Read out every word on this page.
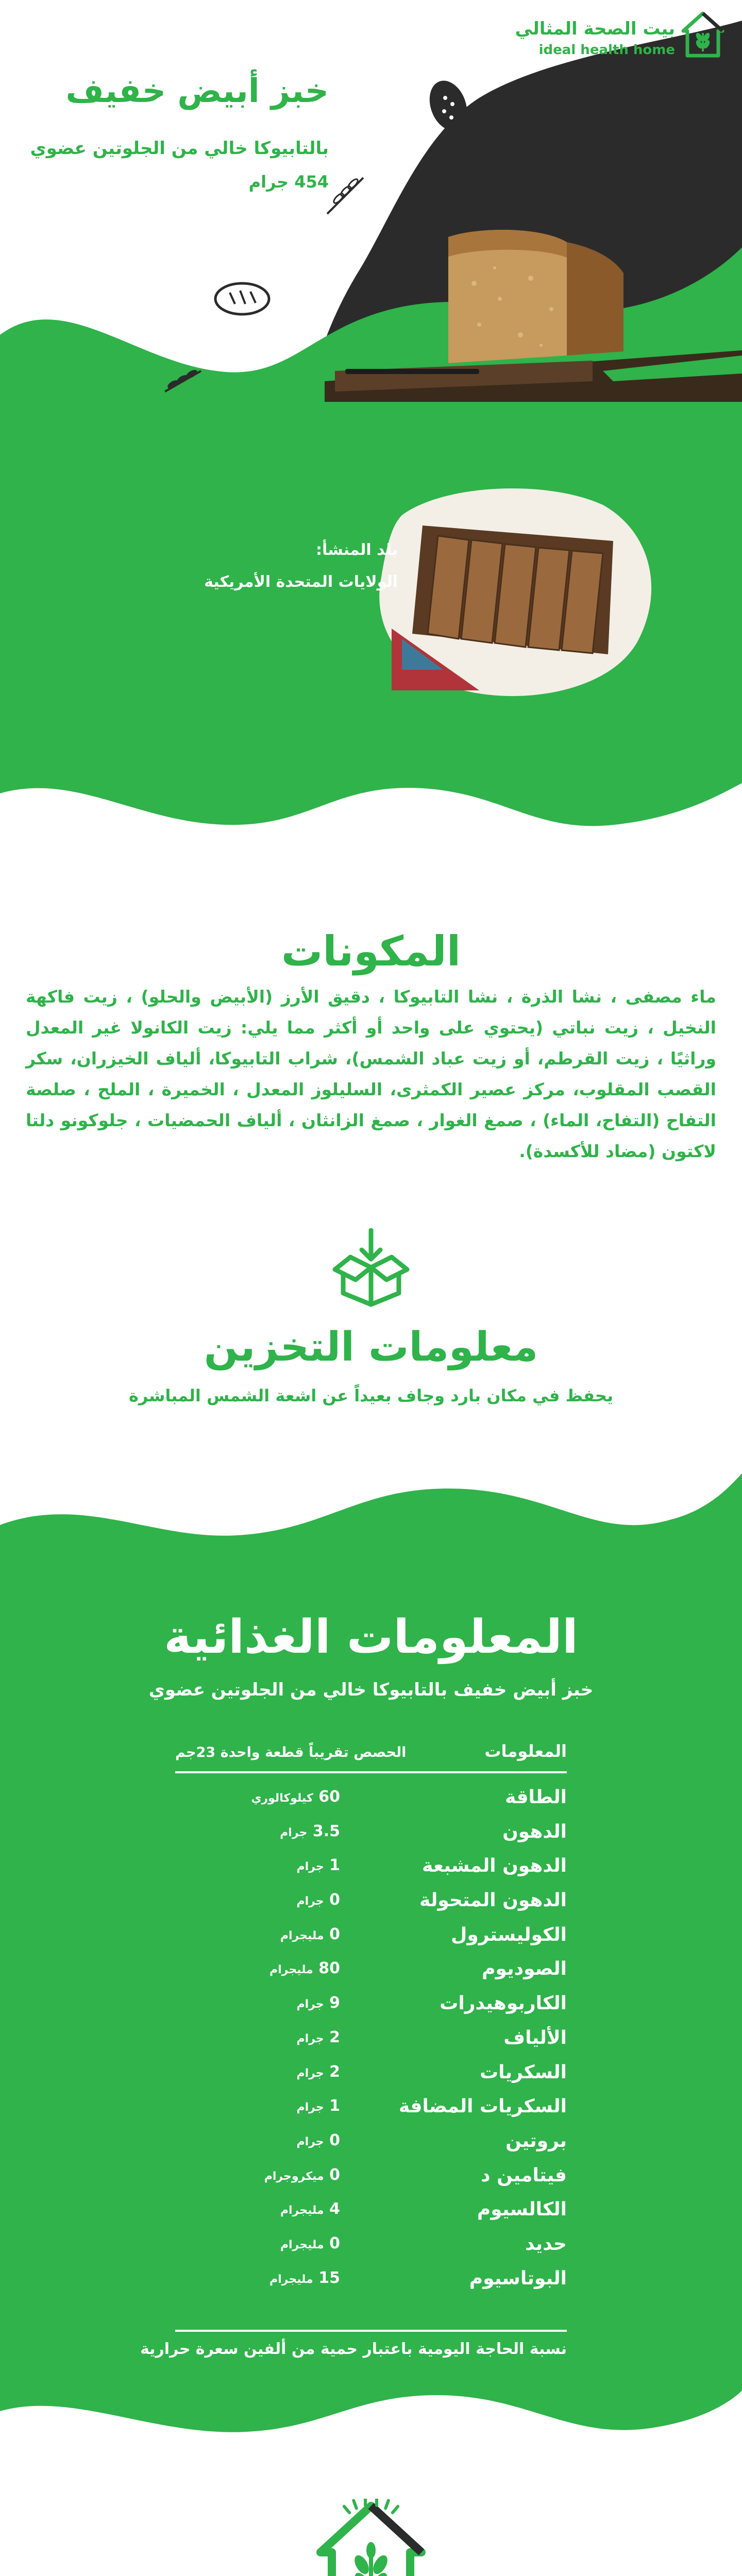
بيت الصحة المثالي
ideal health home
خبز أبيض خفيف
بالتابيوكا خالي من الجلوتين عضوي
454 جرام
بلد المنشأ:
الولايات المتحدة الأمريكية
المكونات
ماء مصفى ، نشا الذرة ، نشا التابيوكا ، دقيق الأرز (الأبيض والحلو) ، زيت فاكهة النخيل ، زيت نباتي (يحتوي على واحد أو أكثر مما يلي: زيت الكانولا غير المعدل وراثيًا ، زيت القرطم، أو زيت عباد الشمس)، شراب التابيوكا، ألياف الخيزران، سكر القصب المقلوب، مركز عصير الكمثرى، السليلوز المعدل ، الخميرة ، الملح ، صلصة التفاح (التفاح، الماء) ، صمغ الغوار ، صمغ الزانثان ، ألياف الحمضيات ، جلوكونو دلتا لاكتون (مضاد للأكسدة).
معلومات التخزين
يحفظ في مكان بارد وجاف بعيداً عن اشعة الشمس المباشرة
المعلومات الغذائية
خبز أبيض خفيف بالتابيوكا خالي من الجلوتين عضوي
المعلومات
الحصص تقريباً قطعة واحدة 23جم
الطاقة
60 كيلوكالوري
الدهون
3.5 جرام
الدهون المشبعة
1 جرام
الدهون المتحولة
0 جرام
الكوليسترول
0 مليجرام
الصوديوم
80 مليجرام
الكاربوهيدرات
9 جرام
الألياف
2 جرام
السكريات
2 جرام
السكريات المضافة
1 جرام
بروتين
0 جرام
فيتامين د
0 ميكروجرام
الكالسيوم
4 مليجرام
حديد
0 مليجرام
البوتاسيوم
15 مليجرام
نسبة الحاجة اليومية باعتبار حمية من ألفين سعرة حرارية
